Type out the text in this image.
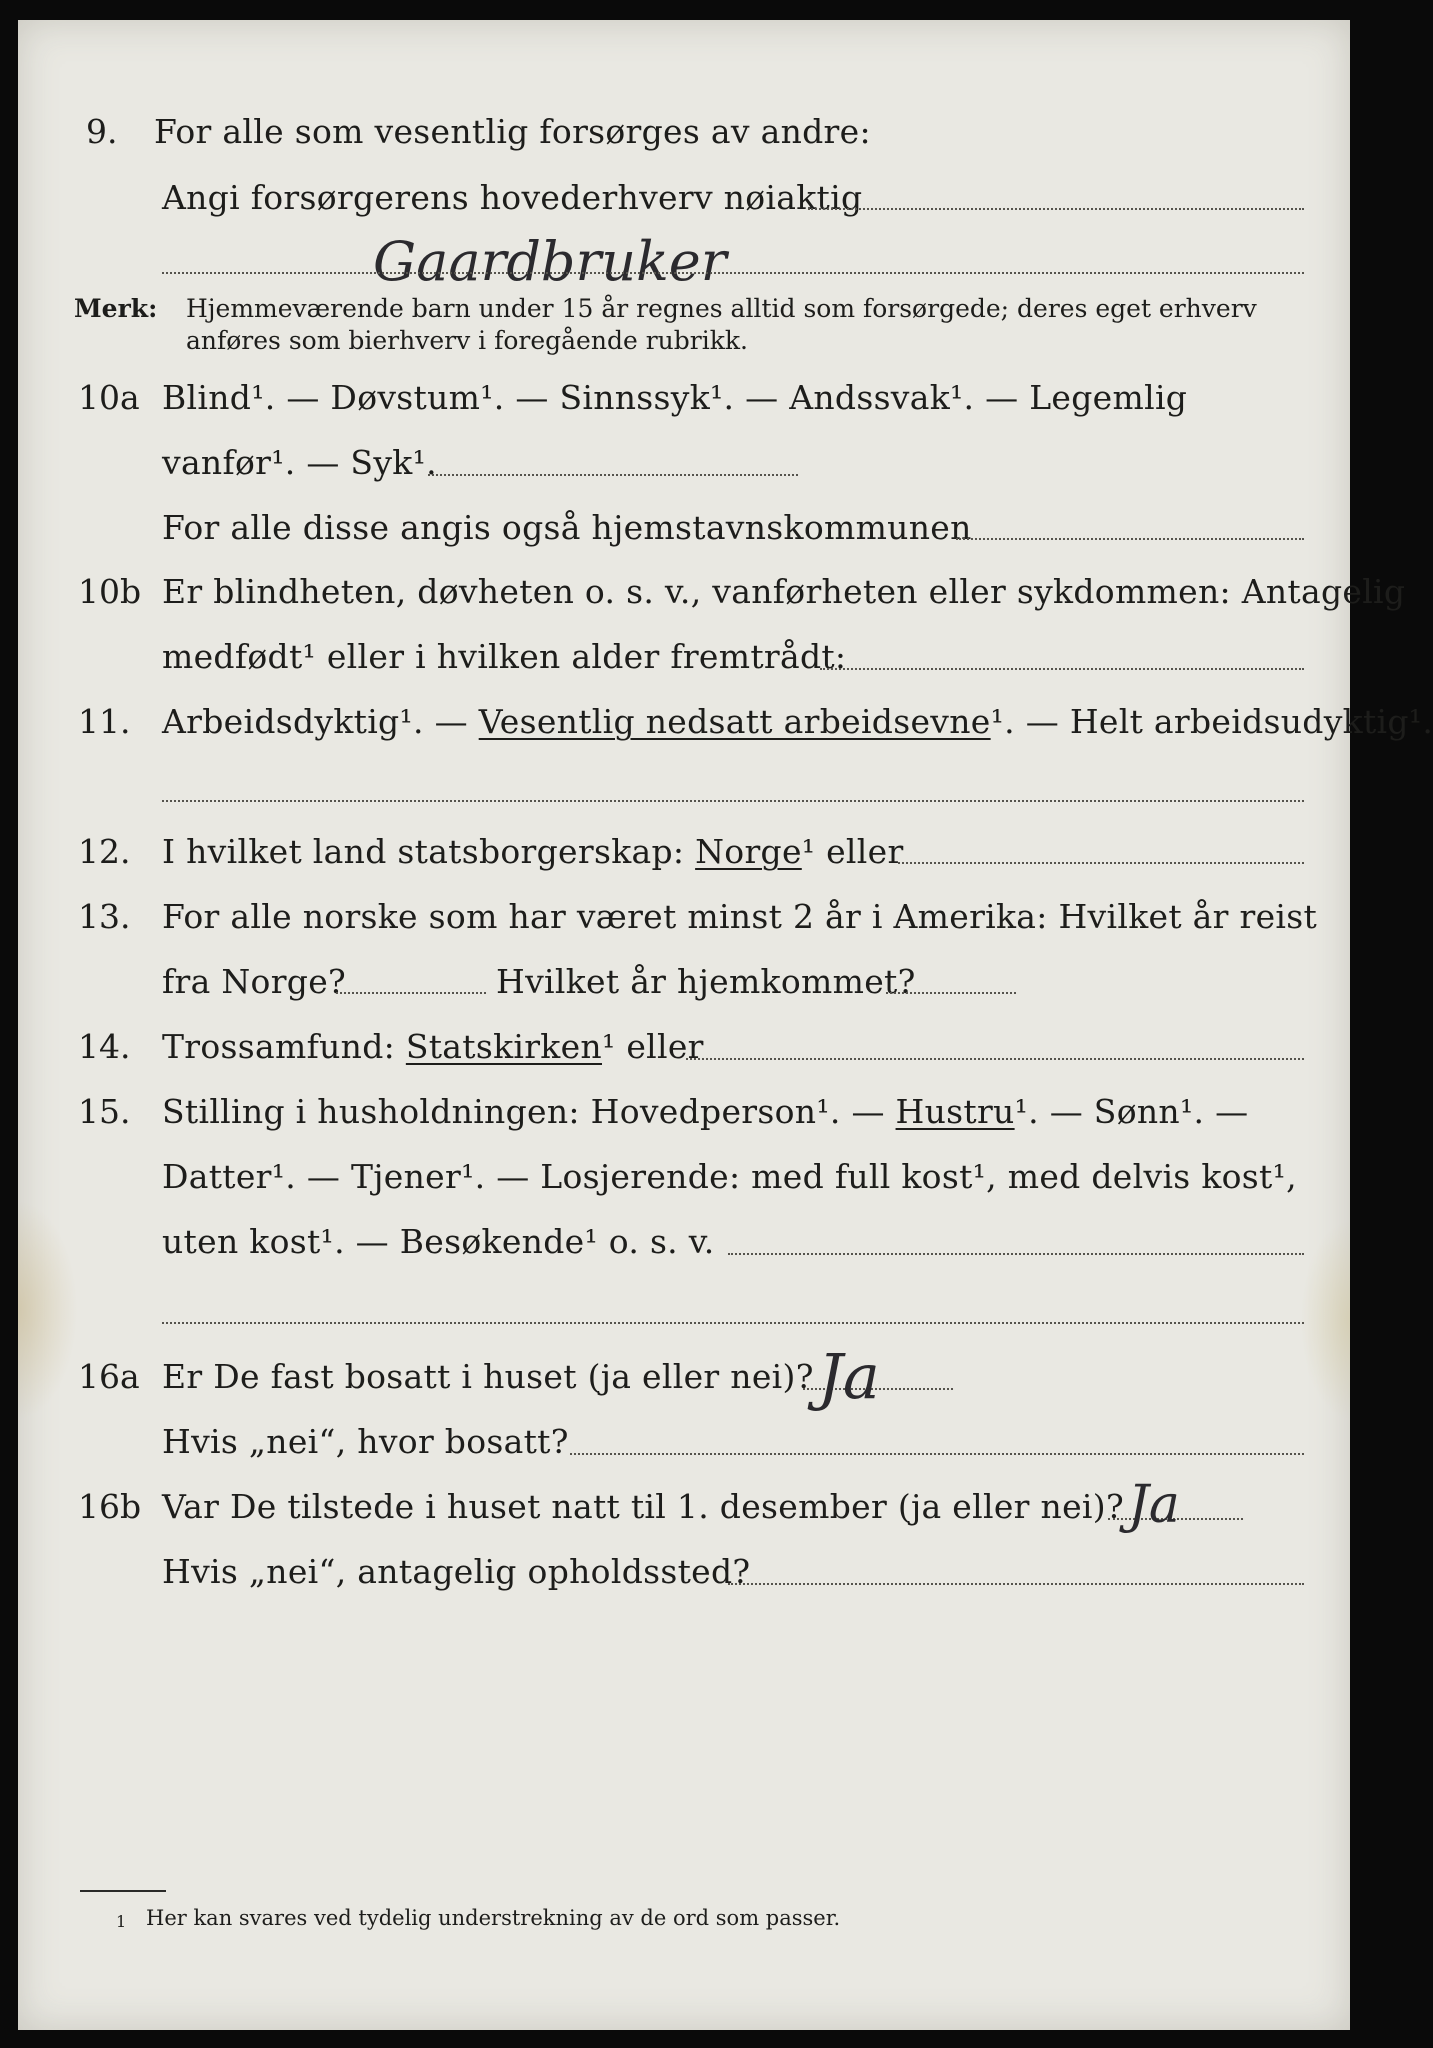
9. For alle som vesentlig forsørges av andre:
Angi forsørgerens hovederhverv nøiaktig
Gaardbruker
Merk: Hjemmeværende barn under 15 år regnes alltid som forsørgede; deres eget erhverv
anføres som bierhverv i foregående rubrikk.
10a Blind¹. — Døvstum¹. — Sinnssyk¹. — Andssvak¹. — Legemlig
vanfør¹. — Syk¹.
For alle disse angis også hjemstavnskommunen
10b Er blindheten, døvheten o. s. v., vanførheten eller sykdommen: Antagelig
medfødt¹ eller i hvilken alder fremtrådt:
11. Arbeidsdyktig¹. — Vesentlig nedsatt arbeidsevne¹. — Helt arbeidsudyktig¹.
12. I hvilket land statsborgerskap: Norge¹ eller
13. For alle norske som har været minst 2 år i Amerika: Hvilket år reist
fra Norge?	Hvilket år hjemkommet?
14. Trossamfund: Statskirken¹ eller
15. Stilling i husholdningen: Hovedperson¹. — Hustru¹. — Sønn¹. —
Datter¹. — Tjener¹. — Losjerende: med full kost¹, med delvis kost¹,
uten kost¹. — Besøkende¹ o. s. v.
16a Er De fast bosatt i huset (ja eller nei)? Ja
Hvis „nei“, hvor bosatt?
16b Var De tilstede i huset natt til 1. desember (ja eller nei)? Ja
Hvis „nei“, antagelig opholdssted?
1 Her kan svares ved tydelig understrekning av de ord som passer.
